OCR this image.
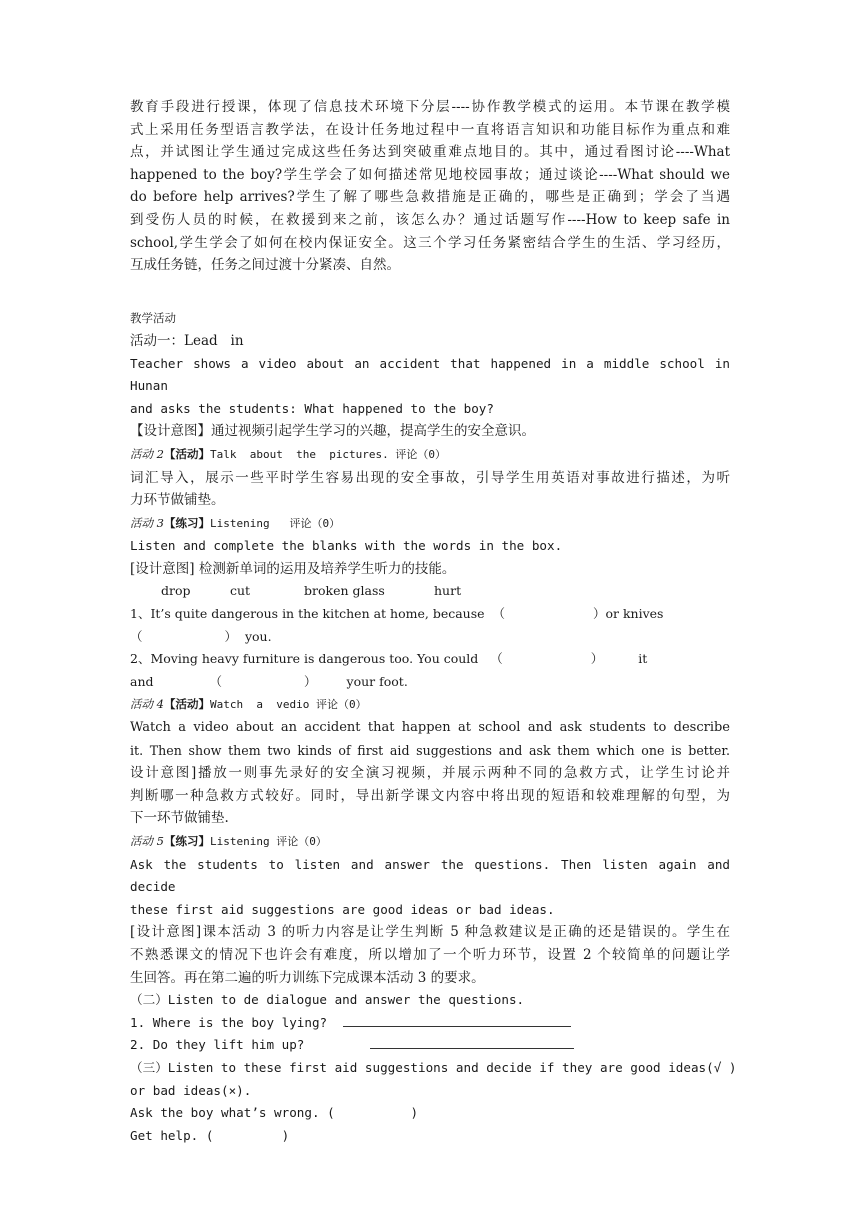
教育手段进行授课，体现了信息技术环境下分层----协作教学模式的运用。本节课在教学模
式上采用任务型语言教学法，在设计任务地过程中一直将语言知识和功能目标作为重点和难
点，并试图让学生通过完成这些任务达到突破重难点地目的。其中，通过看图讨论----What
happened to the boy?学生学会了如何描述常见地校园事故；通过谈论----What should we
do before help arrives?学生了解了哪些急救措施是正确的，哪些是正确到；学会了当遇
到受伤人员的时候，在救援到来之前，该怎么办？通过话题写作----How to keep safe in
school,学生学会了如何在校内保证安全。这三个学习任务紧密结合学生的生活、学习经历，
互成任务链，任务之间过渡十分紧凑、自然。
教学活动
活动一：Lead   in
Teacher shows a video about an accident that happened in a middle school in Hunan
and asks the students: What happened to the boy?
【设计意图】通过视频引起学生学习的兴趣，提高学生的安全意识。
活动 2【活动】Talk  about  the  pictures. 评论（0）
词汇导入，展示一些平时学生容易出现的安全事故，引导学生用英语对事故进行描述，为听
力环节做铺垫。
活动 3【练习】Listening   评论（0）
Listen and complete the blanks with the words in the box.
[设计意图] 检测新单词的运用及培养学生听力的技能。
drop	cut	broken glass	hurt
1、It’s quite dangerous in the kitchen at home, because  （	）or knives
（	）  you.
2、Moving heavy furniture is dangerous too. You could   （	）	it
and	（	） your foot.
活动 4【活动】Watch  a  vedio 评论（0）
Watch a video about an accident that happen at school and ask students to describe
it. Then show them two kinds of first aid suggestions and ask them which one is better.
设计意图]播放一则事先录好的安全演习视频，并展示两种不同的急救方式，让学生讨论并
判断哪一种急救方式较好。同时，导出新学课文内容中将出现的短语和较难理解的句型，为
下一环节做铺垫.
活动 5【练习】Listening 评论（0）
Ask the students to listen and answer the questions. Then listen again and decide
these first aid suggestions are good ideas or bad ideas.
[设计意图]课本活动 3 的听力内容是让学生判断 5 种急救建议是正确的还是错误的。学生在
不熟悉课文的情况下也许会有难度，所以增加了一个听力环节，设置 2 个较简单的问题让学
生回答。再在第二遍的听力训练下完成课本活动 3 的要求。
（二）Listen to de dialogue and answer the questions.
1. Where is the boy lying?
2. Do they lift him up?
（三）Listen to these first aid suggestions and decide if they are good ideas(√ )
or bad ideas(×).
Ask the boy what’s wrong. (          )
Get help. (         )
